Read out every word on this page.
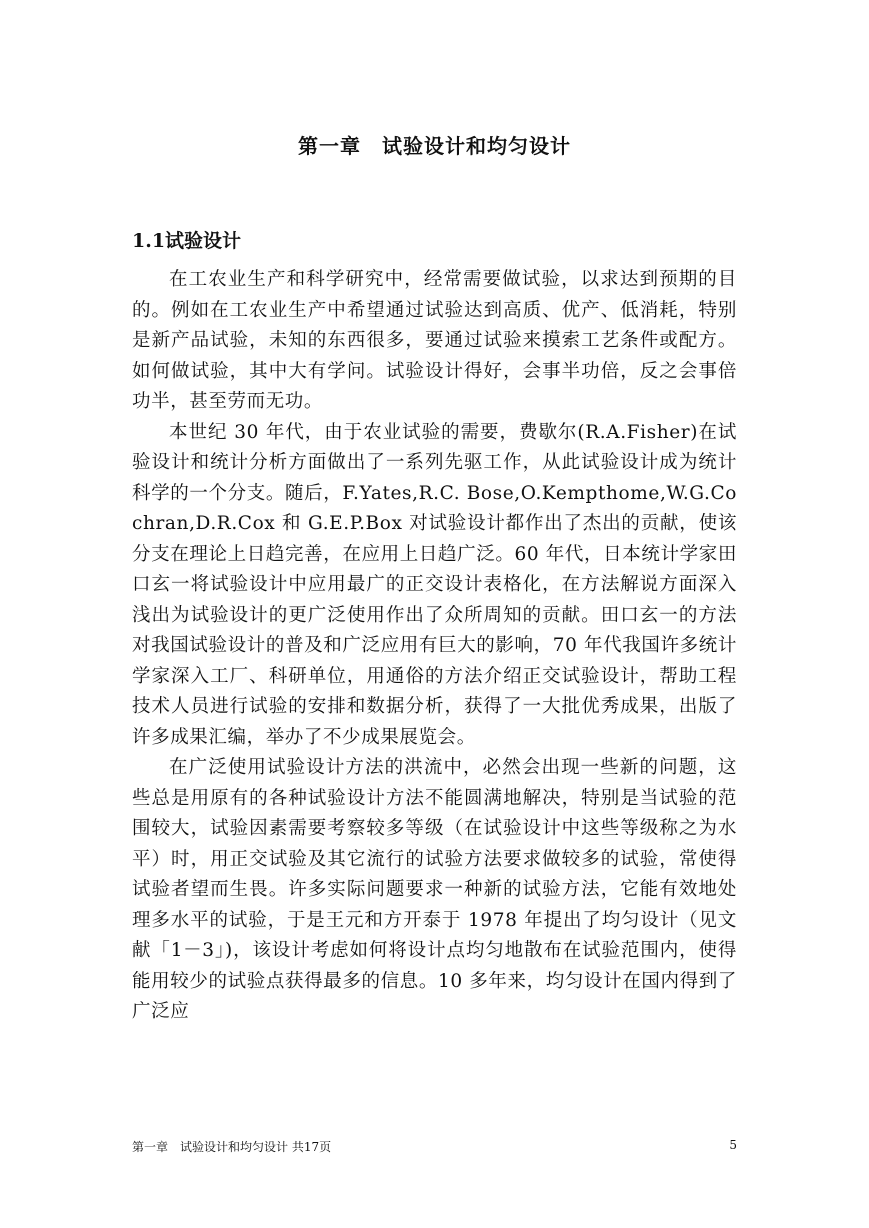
第一章　试验设计和均匀设计
1.1试验设计

在工农业生产和科学研究中，经常需要做试验，以求达到预期的目的。例如在工农业生产中希望通过试验达到高质、优产、低消耗，特别是新产品试验，未知的东西很多，要通过试验来摸索工艺条件或配方。如何做试验，其中大有学问。试验设计得好，会事半功倍，反之会事倍功半，甚至劳而无功。

本世纪 30 年代，由于农业试验的需要，费歇尔(R.A.Fisher)在试验设计和统计分析方面做出了一系列先驱工作，从此试验设计成为统计科学的一个分支。随后，F.Yates,R.C. Bose,O.Kempthome,W.G.Cochran,D.R.Cox 和 G.E.P.Box 对试验设计都作出了杰出的贡献，使该分支在理论上日趋完善，在应用上日趋广泛。60 年代，日本统计学家田口玄一将试验设计中应用最广的正交设计表格化，在方法解说方面深入浅出为试验设计的更广泛使用作出了众所周知的贡献。田口玄一的方法对我国试验设计的普及和广泛应用有巨大的影响，70 年代我国许多统计学家深入工厂、科研单位，用通俗的方法介绍正交试验设计，帮助工程技术人员进行试验的安排和数据分析，获得了一大批优秀成果，出版了许多成果汇编，举办了不少成果展览会。

在广泛使用试验设计方法的洪流中，必然会出现一些新的问题，这些总是用原有的各种试验设计方法不能圆满地解决，特别是当试验的范围较大，试验因素需要考察较多等级（在试验设计中这些等级称之为水平）时，用正交试验及其它流行的试验方法要求做较多的试验，常使得试验者望而生畏。许多实际问题要求一种新的试验方法，它能有效地处理多水平的试验，于是王元和方开泰于 1978 年提出了均匀设计（见文献「1－3」)，该设计考虑如何将设计点均匀地散布在试验范围内，使得能用较少的试验点获得最多的信息。10 多年来，均匀设计在国内得到了广泛应

第一章　试验设计和均匀设计 共17页	5
